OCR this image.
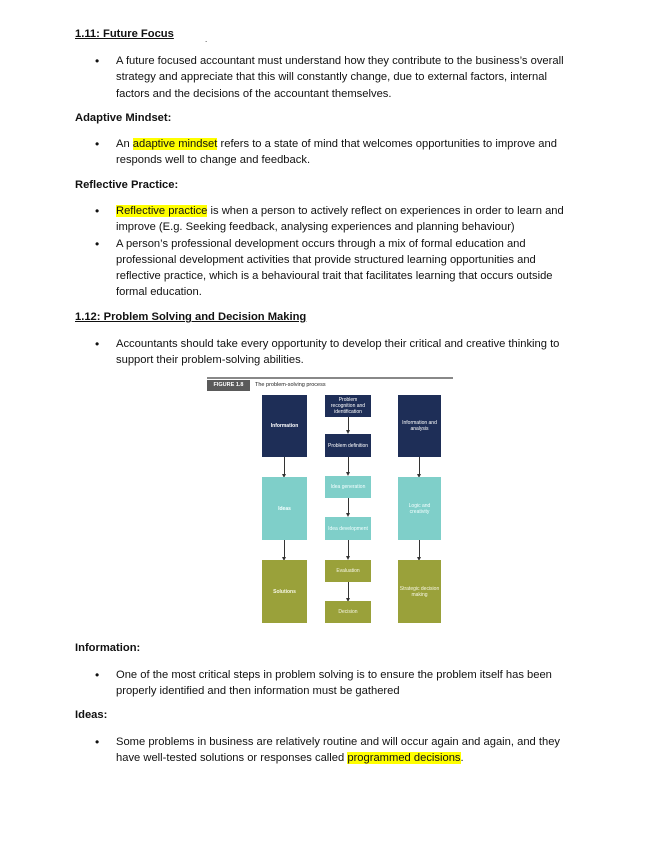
1.11: Future Focus	.
• A future focused accountant must understand how they contribute to the business’s overall strategy and appreciate that this will constantly change, due to external factors, internal factors and the decisions of the accountant themselves.
Adaptive Mindset:
• An adaptive mindset refers to a state of mind that welcomes opportunities to improve and responds well to change and feedback.
Reflective Practice:
• Reflective practice is when a person to actively reflect on experiences in order to learn and improve (E.g. Seeking feedback, analysing experiences and planning behaviour)
• A person’s professional development occurs through a mix of formal education and professional development activities that provide structured learning opportunities and reflective practice, which is a behavioural trait that facilitates learning that occurs outside formal education.
1.12: Problem Solving and Decision Making
• Accountants should take every opportunity to develop their critical and creative thinking to support their problem-solving abilities.
FIGURE 1.8	The problem-solving process
Information
Ideas
Solutions
Problem recognition and identification
Problem definition
Idea generation
Idea development
Evaluation
Decision
Information and analysis
Logic and creativity
Strategic decision making
Information:
• One of the most critical steps in problem solving is to ensure the problem itself has been properly identified and then information must be gathered
Ideas:
• Some problems in business are relatively routine and will occur again and again, and they have well-tested solutions or responses called programmed decisions.
